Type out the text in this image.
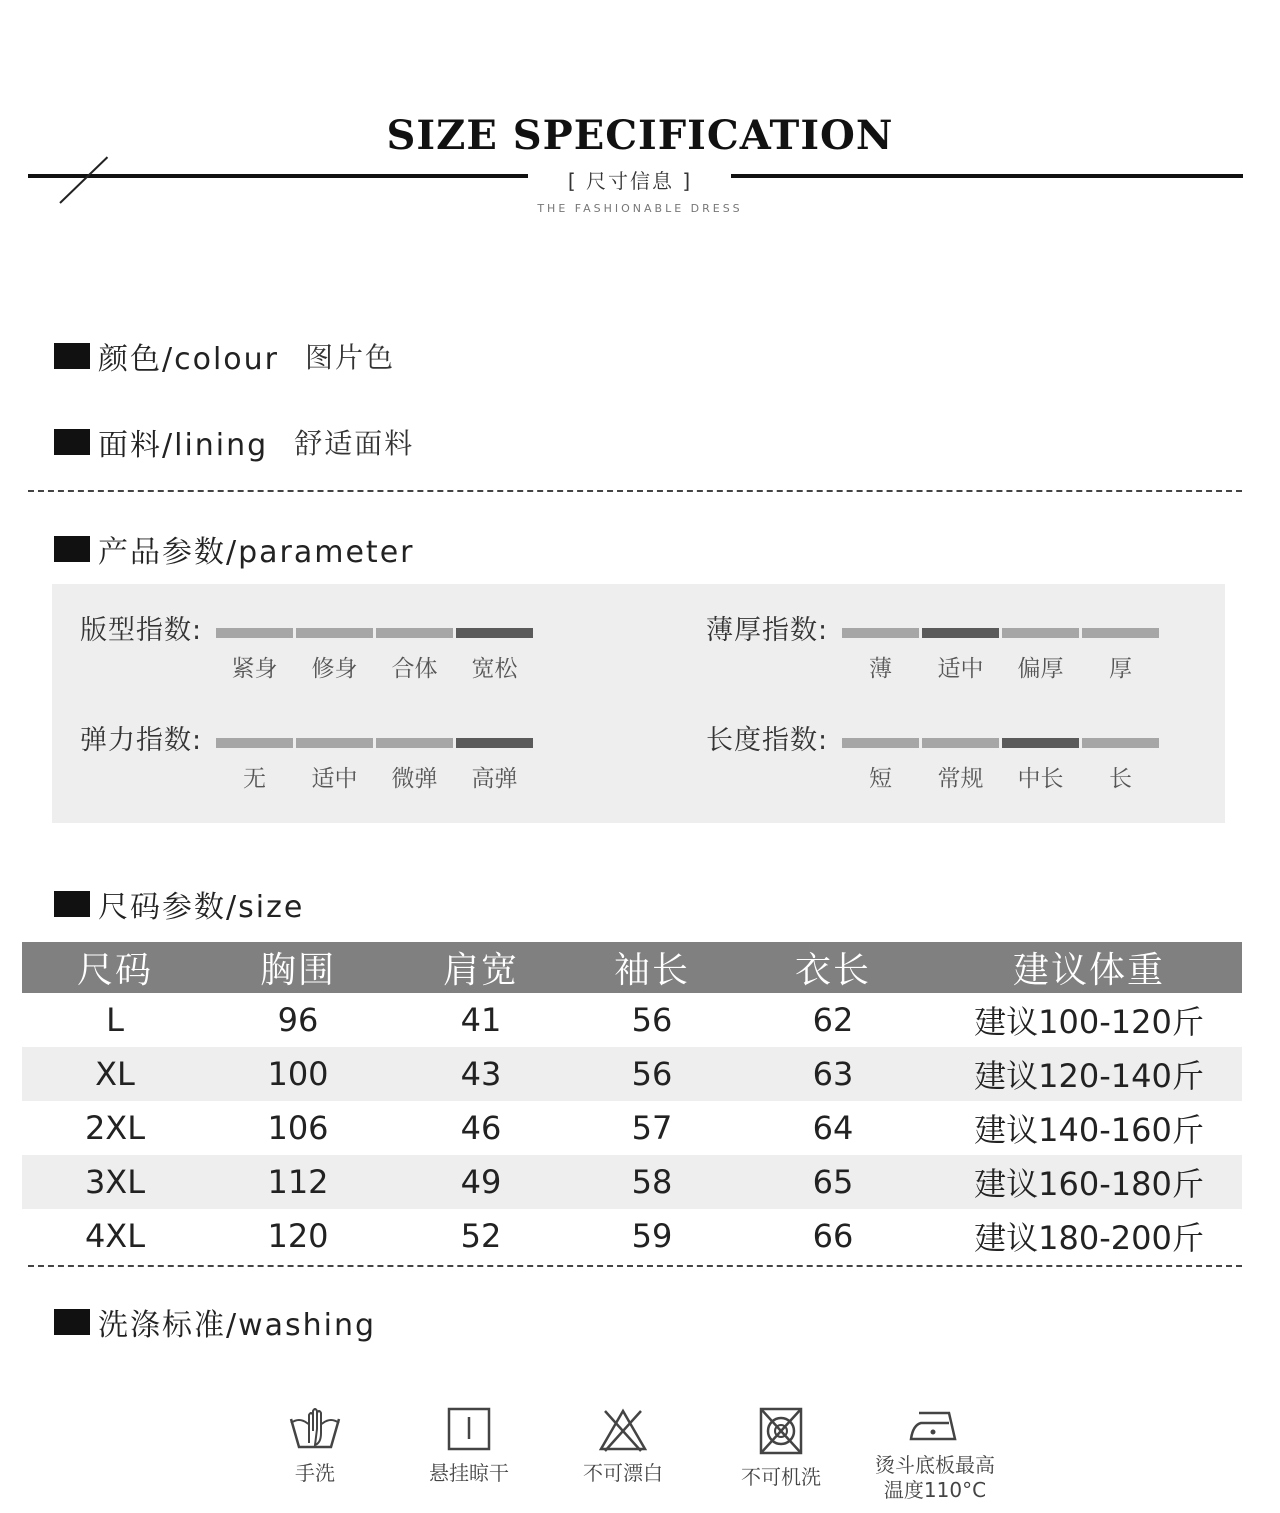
SIZE SPECIFICATION
[ 尺寸信息 ]
THE FASHIONABLE DRESS
颜色/colour 图片色
面料/lining 舒适面料
产品参数/parameter
版型指数:
紧身	修身	合体	宽松
薄厚指数:
薄	适中	偏厚	厚
弹力指数:
无	适中	微弹	高弹
长度指数:
短	常规	中长	长
尺码参数/size
尺码	胸围	肩宽	袖长	衣长	建议体重
L	96	41	56	62	建议100-120斤
XL	100	43	56	63	建议120-140斤
2XL	106	46	57	64	建议140-160斤
3XL	112	49	58	65	建议160-180斤
4XL	120	52	59	66	建议180-200斤
洗涤标准/washing
手洗	悬挂晾干	不可漂白	不可机洗	烫斗底板最高
温度110°C
